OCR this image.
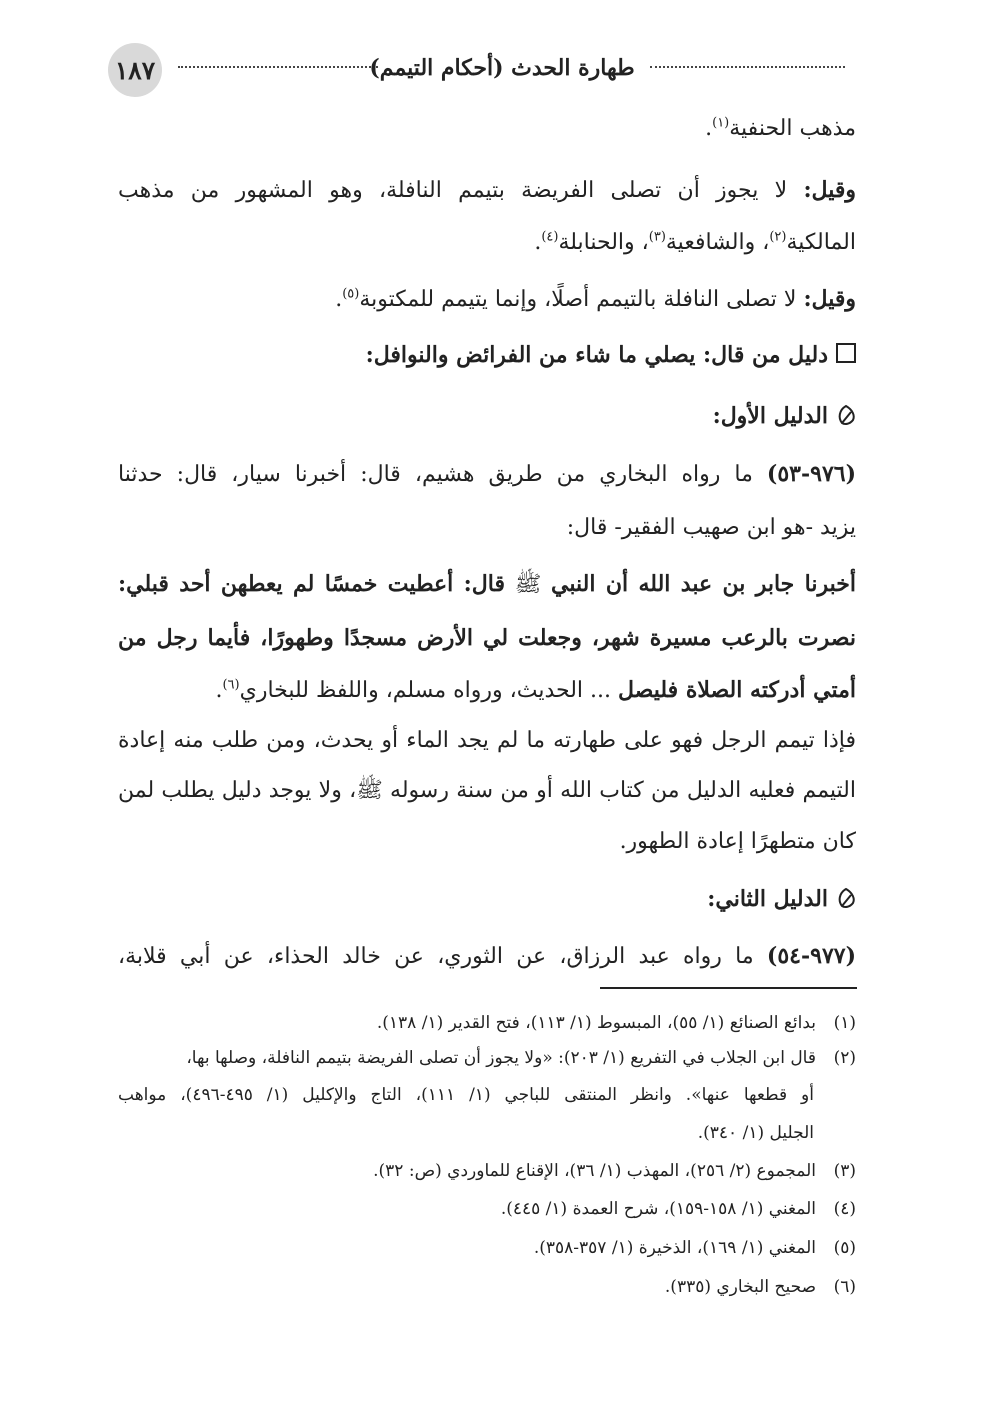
١٨٧	طهارة الحدث (أحكام التيمم)
مذهب الحنفية$^{(١)}$.
وقيل: لا يجوز أن تصلى الفريضة بتيمم النافلة، وهو المشهور من مذهب
المالكية$^{(٢)}$، والشافعية$^{(٣)}$، والحنابلة$^{(٤)}$.
وقيل: لا تصلى النافلة بالتيمم أصلًا، وإنما يتيمم للمكتوبة$^{(٥)}$.
دليل من قال: يصلي ما شاء من الفرائض والنوافل:
الدليل الأول:
(٩٧٦-٥٣) ما رواه البخاري من طريق هشيم، قال: أخبرنا سيار، قال: حدثنا
يزيد -هو ابن صهيب الفقير- قال:
أخبرنا جابر بن عبد الله أن النبي ﷺ قال: أعطيت خمسًا لم يعطهن أحد قبلي:
نصرت بالرعب مسيرة شهر، وجعلت لي الأرض مسجدًا وطهورًا، فأيما رجل من
أمتي أدركته الصلاة فليصل ... الحديث، ورواه مسلم، واللفظ للبخاري$^{(٦)}$.
فإذا تيمم الرجل فهو على طهارته ما لم يجد الماء أو يحدث، ومن طلب منه إعادة
التيمم فعليه الدليل من كتاب الله أو من سنة رسوله ﷺ، ولا يوجد دليل يطلب لمن
كان متطهرًا إعادة الطهور.
الدليل الثاني:
(٩٧٧-٥٤) ما رواه عبد الرزاق، عن الثوري، عن خالد الحذاء، عن أبي قلابة،
(١)بدائع الصنائع (١/ ٥٥)، المبسوط (١/ ١١٣)، فتح القدير (١/ ١٣٨).
(٢)قال ابن الجلاب في التفريع (١/ ٢٠٣): «ولا يجوز أن تصلى الفريضة بتيمم النافلة، وصلها بها،
أو قطعها عنها». وانظر المنتقى للباجي (١/ ١١١)، التاج والإكليل (١/ ٤٩٥-٤٩٦)، مواهب
الجليل (١/ ٣٤٠).
(٣)المجموع (٢/ ٢٥٦)، المهذب (١/ ٣٦)، الإقناع للماوردي (ص: ٣٢).
(٤)المغني (١/ ١٥٨-١٥٩)، شرح العمدة (١/ ٤٤٥).
(٥)المغني (١/ ١٦٩)، الذخيرة (١/ ٣٥٧-٣٥٨).
(٦)صحيح البخاري (٣٣٥).
